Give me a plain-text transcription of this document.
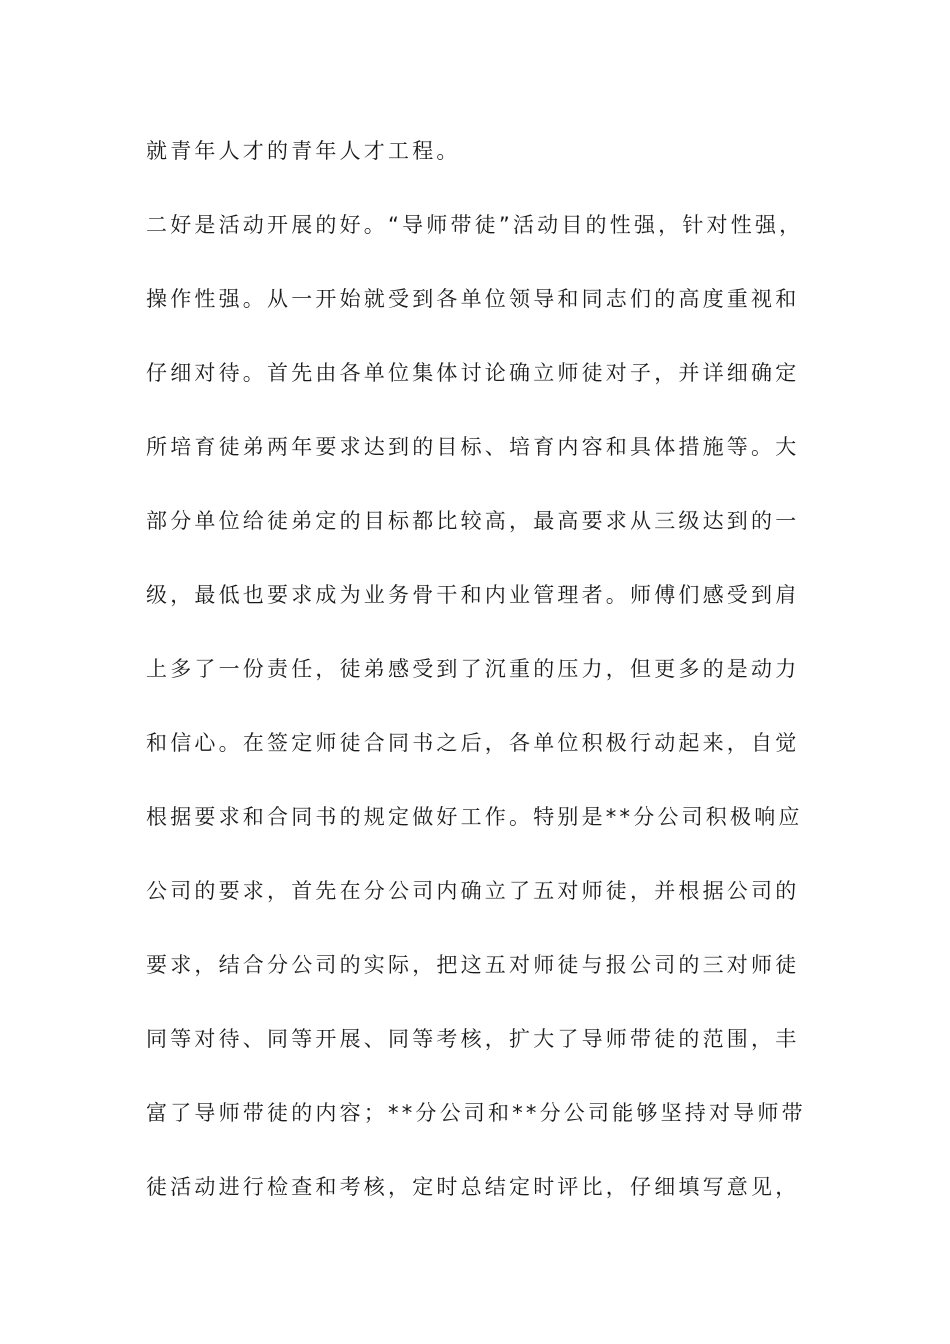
就青年人才的青年人才工程。
二好是活动开展的好。“导师带徒”活动目的性强，针对性强，
操作性强。从一开始就受到各单位领导和同志们的高度重视和
仔细对待。首先由各单位集体讨论确立师徒对子，并详细确定
所培育徒弟两年要求达到的目标、培育内容和具体措施等。大
部分单位给徒弟定的目标都比较高，最高要求从三级达到的一
级，最低也要求成为业务骨干和内业管理者。师傅们感受到肩
上多了一份责任，徒弟感受到了沉重的压力，但更多的是动力
和信心。在签定师徒合同书之后，各单位积极行动起来，自觉
根据要求和合同书的规定做好工作。特别是**分公司积极响应
公司的要求，首先在分公司内确立了五对师徒，并根据公司的
要求，结合分公司的实际，把这五对师徒与报公司的三对师徒
同等对待、同等开展、同等考核，扩大了导师带徒的范围，丰
富了导师带徒的内容；**分公司和**分公司能够坚持对导师带
徒活动进行检查和考核，定时总结定时评比，仔细填写意见，
